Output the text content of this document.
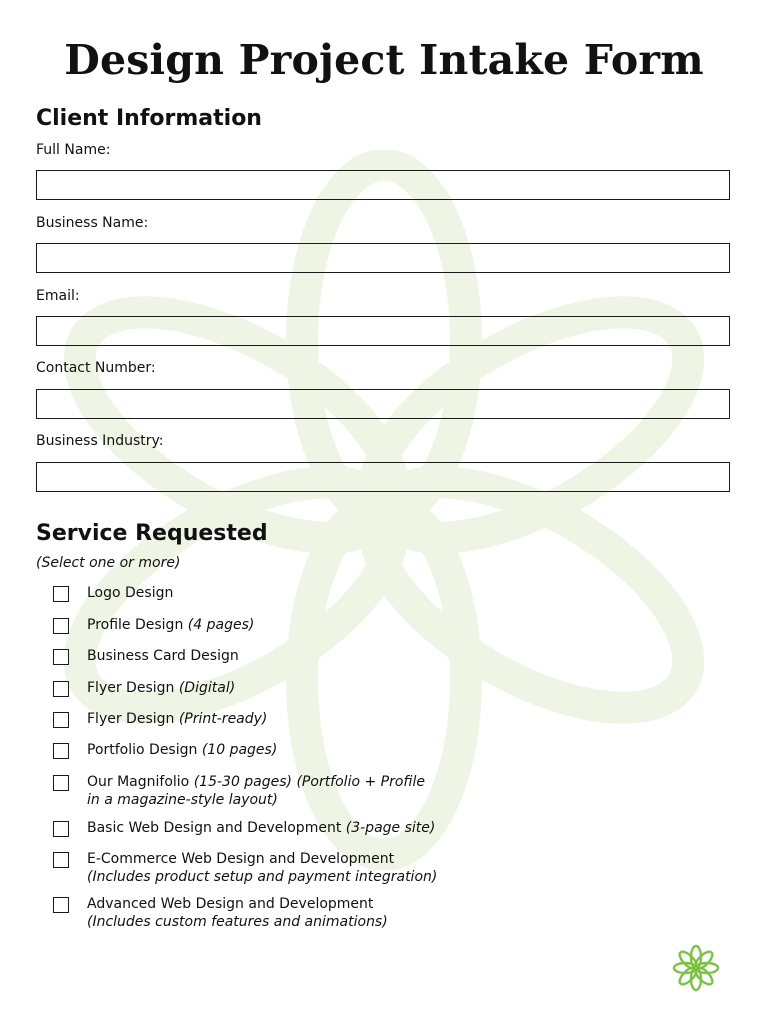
Design Project Intake Form
Client Information
Full Name:
Business Name:
Email:
Contact Number:
Business Industry:
Service Requested
(Select one or more)
Logo Design
Profile Design (4 pages)
Business Card Design
Flyer Design (Digital)
Flyer Design (Print-ready)
Portfolio Design (10 pages)
Our Magnifolio (15-30 pages) (Portfolio + Profile
in a magazine-style layout)
Basic Web Design and Development (3-page site)
E-Commerce Web Design and Development
(Includes product setup and payment integration)
Advanced Web Design and Development
(Includes custom features and animations)
